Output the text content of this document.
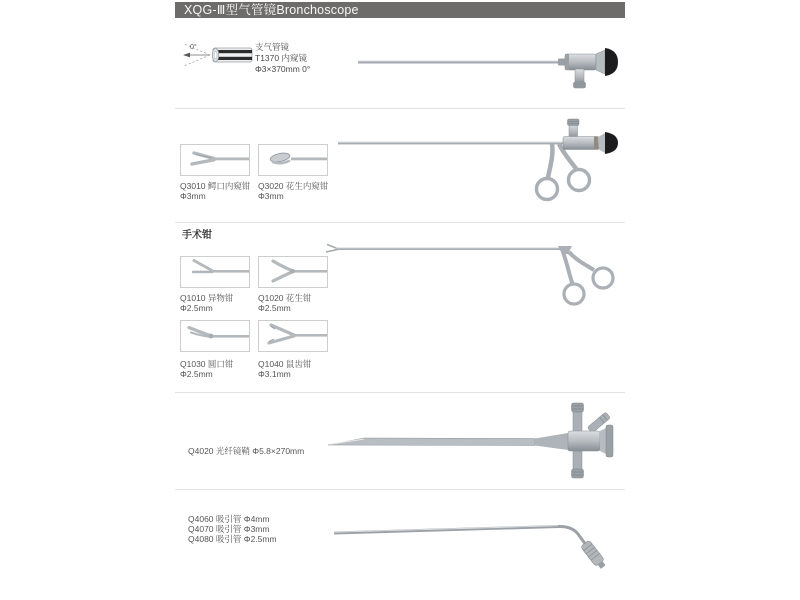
XQG-Ⅲ型气管镜Bronchoscope
0°	支气管镜
T1370 内窥镜
Φ3×370mm 0°
Q3010 鳄口内窥钳
Φ3mm
Q3020 花生内窥钳
Φ3mm
手术钳
Q1010 异物钳
Φ2.5mm
Q1020 花生钳
Φ2.5mm
Q1030 圆口钳
Φ2.5mm
Q1040 鼠齿钳
Φ3.1mm
Q4020 光纤镜鞘 Φ5.8×270mm
Q4060 吸引管 Φ4mm
Q4070 吸引管 Φ3mm
Q4080 吸引管 Φ2.5mm
